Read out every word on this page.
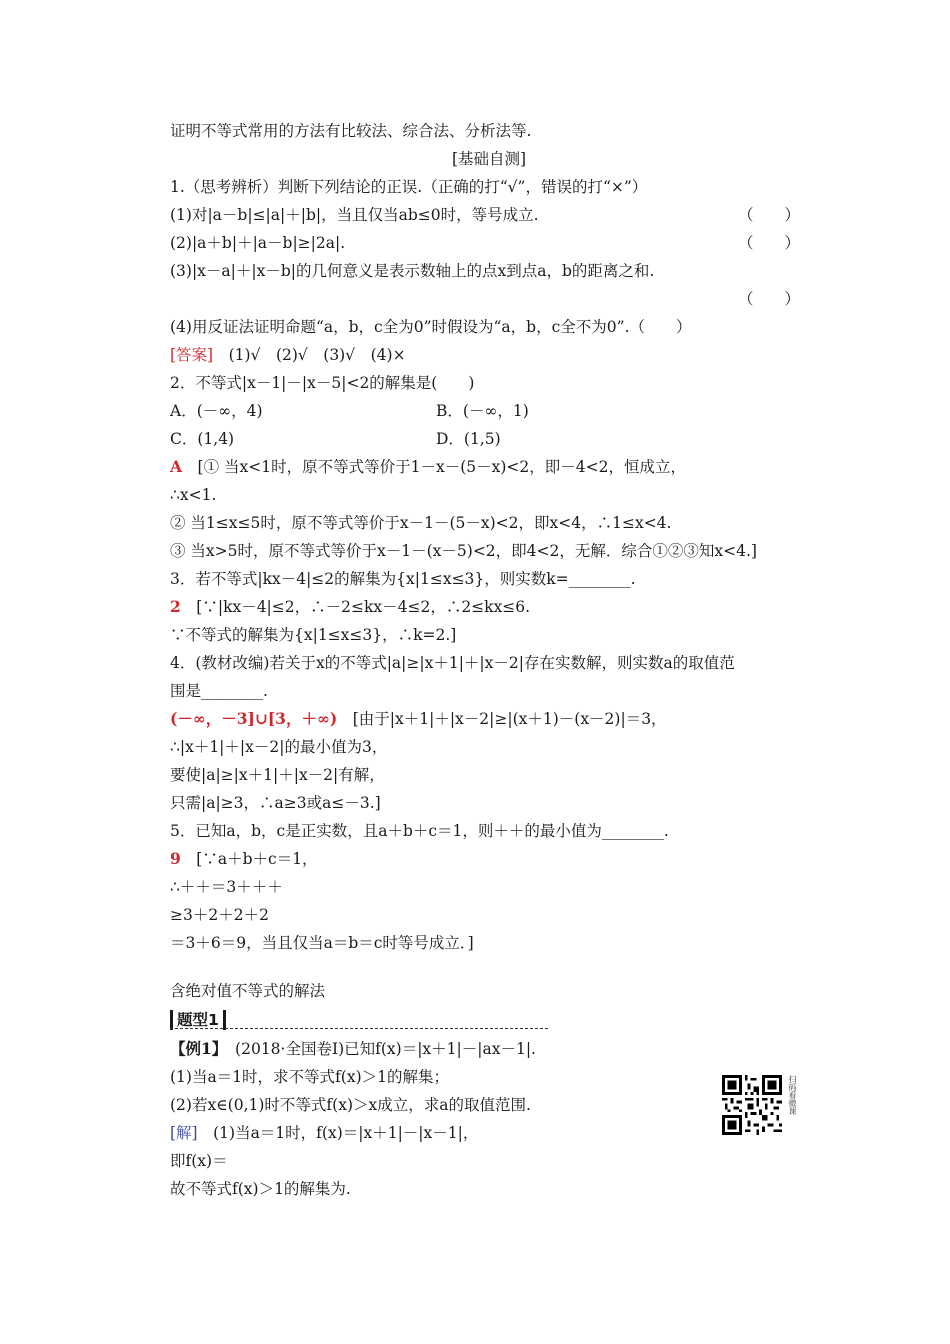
证明不等式常用的方法有比较法、综合法、分析法等.
[基础自测]
1.（思考辨析）判断下列结论的正误.（正确的打“√”，错误的打“×”）
(1)对|a－b|≤|a|＋|b|，当且仅当ab≤0时，等号成立.	（　　）
(2)|a＋b|＋|a－b|≥|2a|.	（　　）
(3)|x－a|＋|x－b|的几何意义是表示数轴上的点x到点a，b的距离之和.
（　　）
(4)用反证法证明命题“a，b，c全为0”时假设为“a，b，c全不为0”.（　　）
[答案]　(1)√　(2)√　(3)√　(4)×
2．不等式|x－1|－|x－5|<2的解集是(　　)
A．(－∞，4)	B．(－∞，1)
C．(1,4)	D．(1,5)
A　[① 当x<1时，原不等式等价于1－x－(5－x)<2，即－4<2，恒成立，
∴x<1.
② 当1≤x≤5时，原不等式等价于x－1－(5－x)<2，即x<4，∴1≤x<4.
③ 当x>5时，原不等式等价于x－1－(x－5)<2，即4<2，无解．综合①②③知x<4.]
3．若不等式|kx－4|≤2的解集为{x|1≤x≤3}，则实数k=________.
2　[∵|kx－4|≤2，∴－2≤kx－4≤2，∴2≤kx≤6.
∵不等式的解集为{x|1≤x≤3}，∴k=2.]
4．(教材改编)若关于x的不等式|a|≥|x＋1|＋|x－2|存在实数解，则实数a的取值范
围是________.
(－∞，－3]∪[3，＋∞)　[由于|x＋1|＋|x－2|≥|(x＋1)－(x－2)|＝3，
∴|x＋1|＋|x－2|的最小值为3，
要使|a|≥|x＋1|＋|x－2|有解，
只需|a|≥3，∴a≥3或a≤－3.]
5．已知a，b，c是正实数，且a＋b＋c＝1，则＋＋的最小值为________.
9　[∵a＋b＋c＝1，
∴＋＋＝3＋＋＋
≥3＋2＋2＋2
＝3＋6＝9，当且仅当a＝b＝c时等号成立．]
含绝对值不等式的解法
题型1
【例1】　(2018·全国卷Ⅰ)已知f(x)＝|x＋1|－|ax－1|.
(1)当a＝1时，求不等式f(x)＞1的解集；
(2)若x∈(0,1)时不等式f(x)＞x成立，求a的取值范围.
[解]　(1)当a＝1时，f(x)＝|x＋1|－|x－1|，
即f(x)＝
故不等式f(x)＞1的解集为.
扫码看微课
